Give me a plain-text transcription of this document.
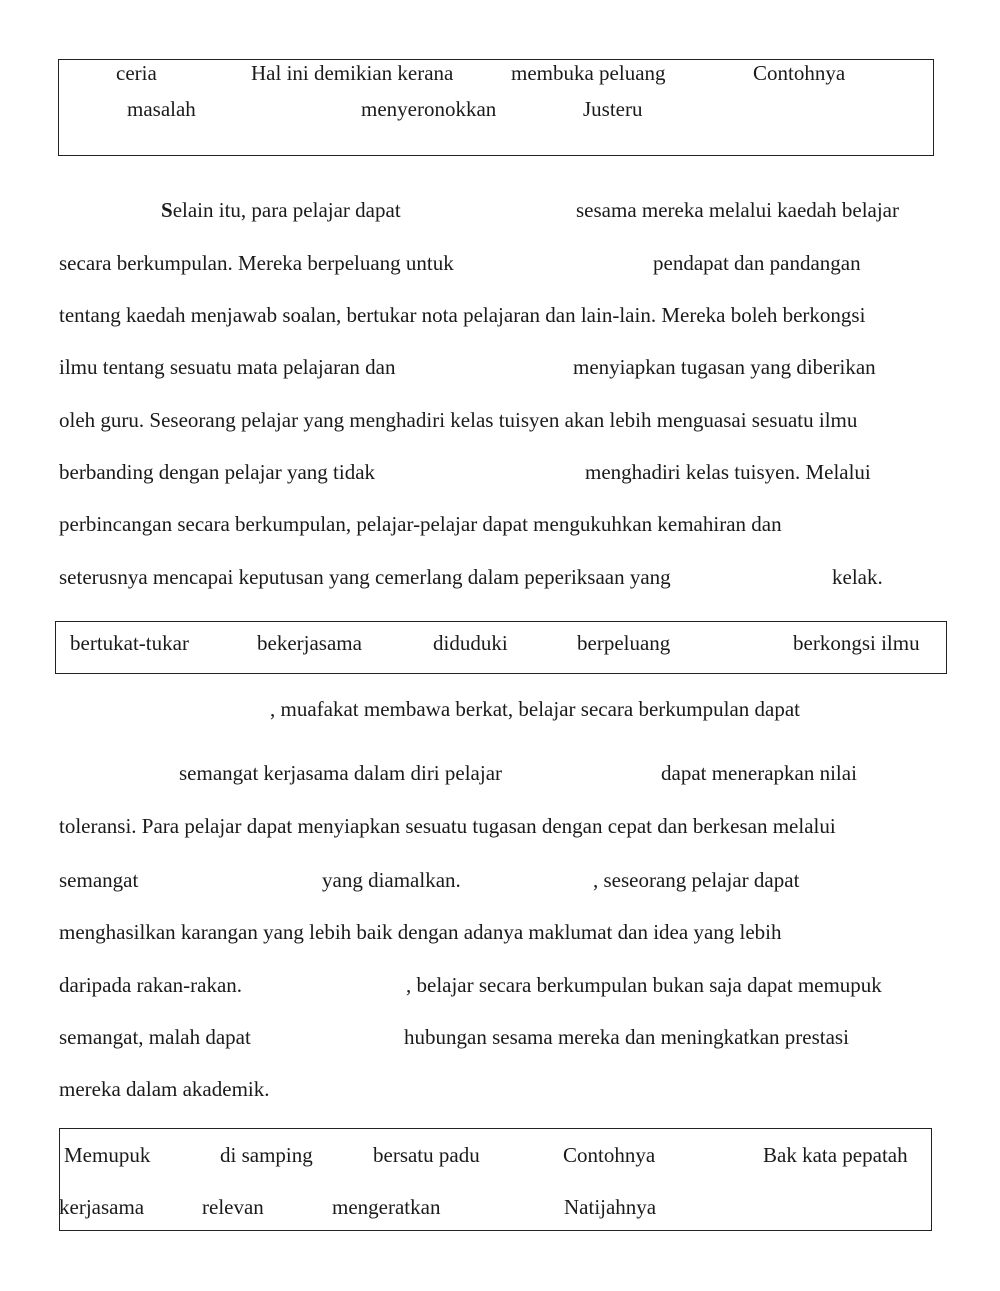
ceria	Hal ini demikian kerana	membuka peluang	Contohnya
masalah	menyeronokkan	Justeru
Selain itu, para pelajar dapat	sesama mereka melalui kaedah belajar
secara berkumpulan. Mereka berpeluang untuk	pendapat dan pandangan
tentang kaedah menjawab soalan, bertukar nota pelajaran dan lain-lain. Mereka boleh berkongsi
ilmu tentang sesuatu mata pelajaran dan	menyiapkan tugasan yang diberikan
oleh guru. Seseorang pelajar yang menghadiri kelas tuisyen akan lebih menguasai sesuatu ilmu
berbanding dengan pelajar yang tidak	menghadiri kelas tuisyen. Melalui
perbincangan secara berkumpulan, pelajar-pelajar dapat mengukuhkan kemahiran dan
seterusnya mencapai keputusan yang cemerlang dalam peperiksaan yang	kelak.
bertukat-tukar	bekerjasama	diduduki	berpeluang	berkongsi ilmu
, muafakat membawa berkat, belajar secara berkumpulan dapat
semangat kerjasama dalam diri pelajar	dapat menerapkan nilai
toleransi. Para pelajar dapat menyiapkan sesuatu tugasan dengan cepat dan berkesan melalui
semangat	yang diamalkan.	, seseorang pelajar dapat
menghasilkan karangan yang lebih baik dengan adanya maklumat dan idea yang lebih
daripada rakan-rakan.	, belajar secara berkumpulan bukan saja dapat memupuk
semangat, malah dapat	hubungan sesama mereka dan meningkatkan prestasi
mereka dalam akademik.
Memupuk	di samping	bersatu padu	Contohnya	Bak kata pepatah
kerjasama	relevan	mengeratkan	Natijahnya
